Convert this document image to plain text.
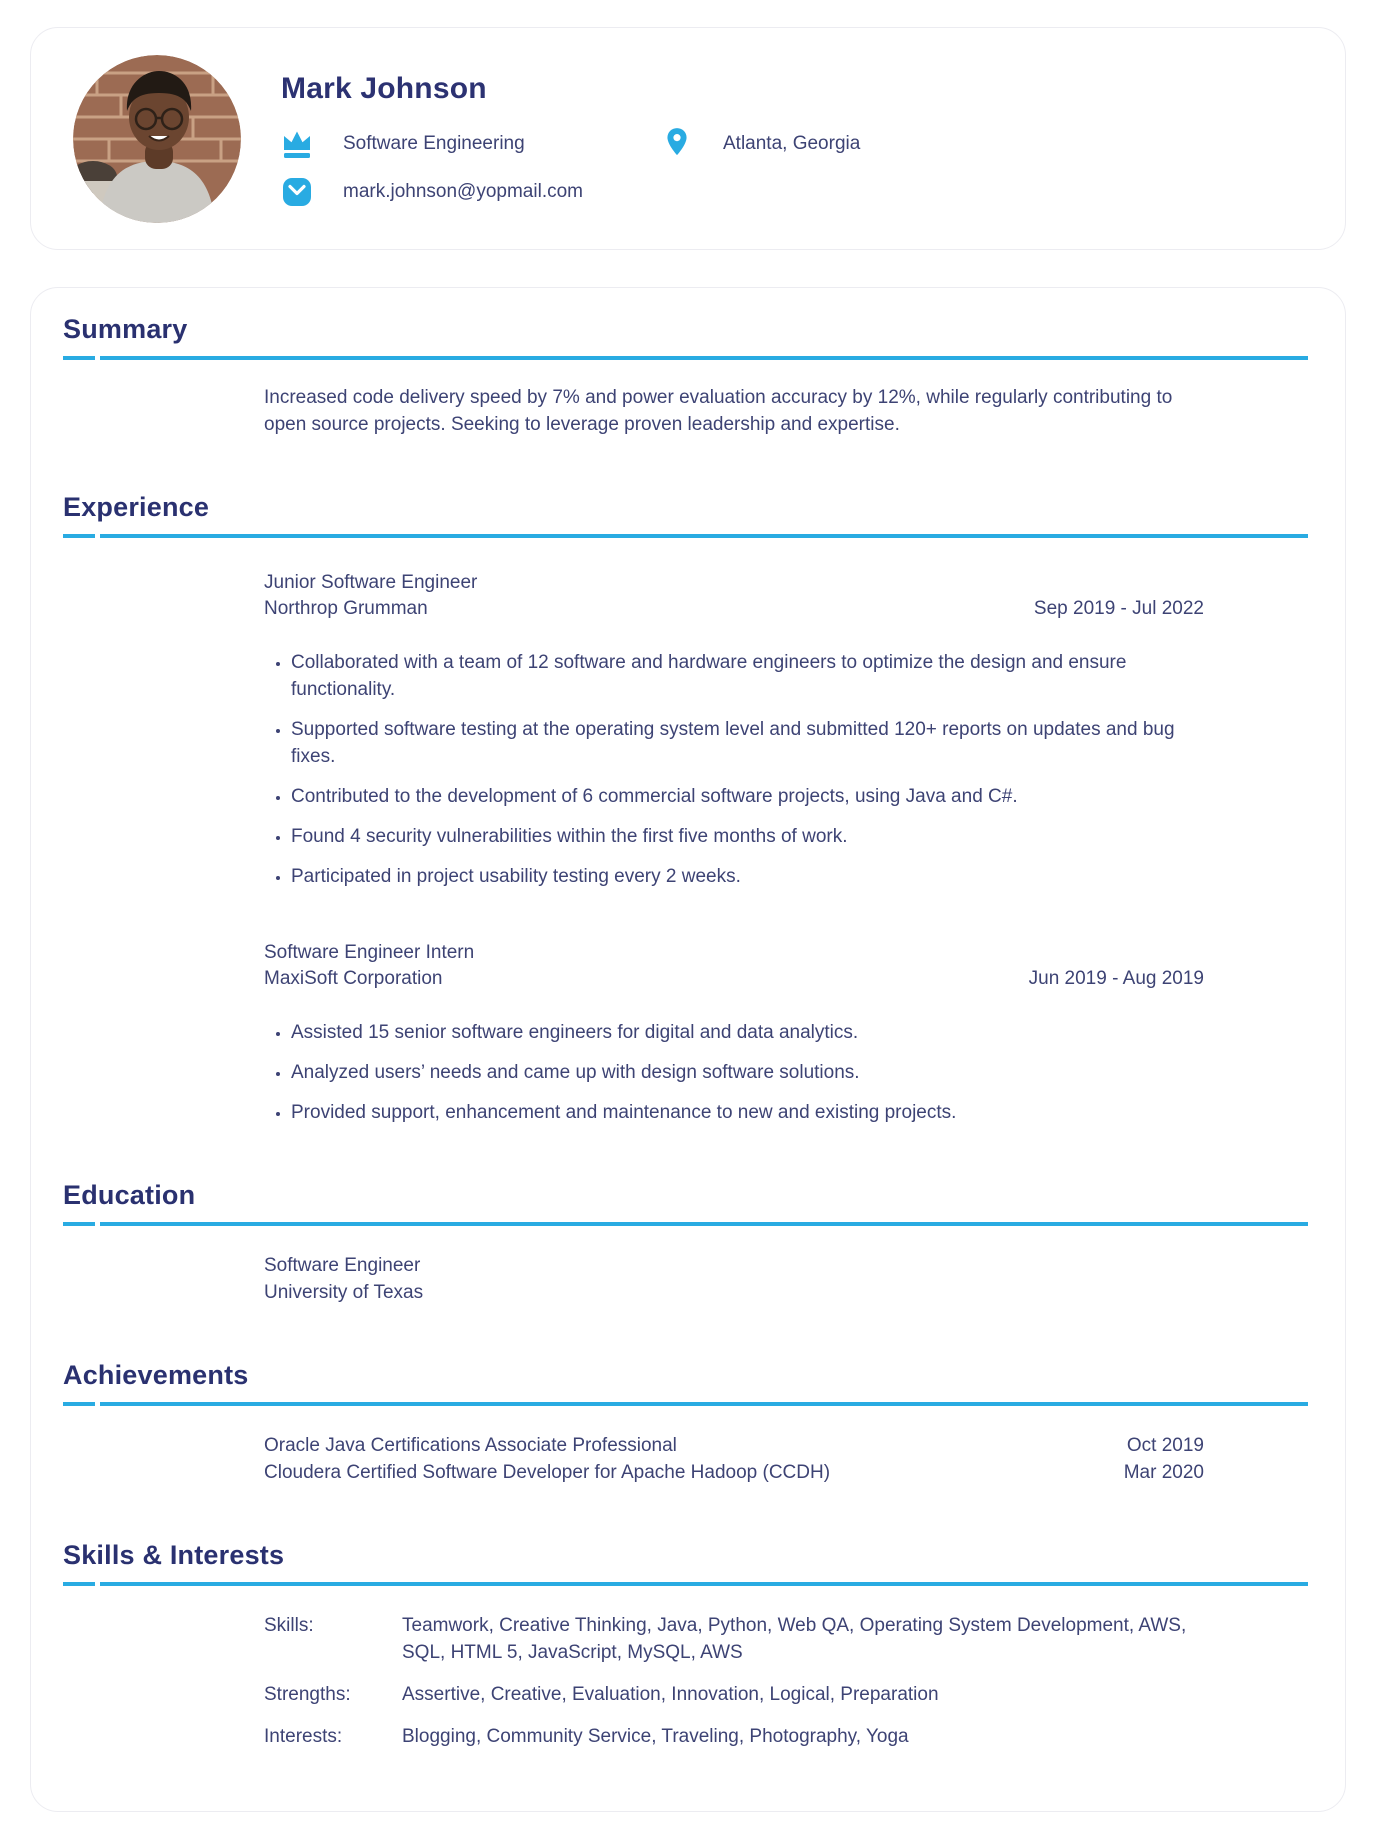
Mark Johnson
Software Engineering	Atlanta, Georgia
mark.johnson@yopmail.com
Summary

Increased code delivery speed by 7% and power evaluation accuracy by 12%, while regularly contributing to open source projects. Seeking to leverage proven leadership and expertise.

Experience
Junior Software Engineer
Northrop Grumman	Sep 2019 - Jul 2022
• Collaborated with a team of 12 software and hardware engineers to optimize the design and ensure functionality.
• Supported software testing at the operating system level and submitted 120+ reports on updates and bug fixes.
• Contributed to the development of 6 commercial software projects, using Java and C#.
• Found 4 security vulnerabilities within the first five months of work.
• Participated in project usability testing every 2 weeks.
Software Engineer Intern
MaxiSoft Corporation	Jun 2019 - Aug 2019
• Assisted 15 senior software engineers for digital and data analytics.
• Analyzed users’ needs and came up with design software solutions.
• Provided support, enhancement and maintenance to new and existing projects.
Education
Software Engineer
University of Texas
Achievements
Oracle Java Certifications Associate Professional	Oct 2019
Cloudera Certified Software Developer for Apache Hadoop (CCDH)	Mar 2020
Skills & Interests
Skills:	Teamwork, Creative Thinking, Java, Python, Web QA, Operating System Development, AWS, SQL, HTML 5, JavaScript, MySQL, AWS
Strengths:	Assertive, Creative, Evaluation, Innovation, Logical, Preparation
Interests:	Blogging, Community Service, Traveling, Photography, Yoga
